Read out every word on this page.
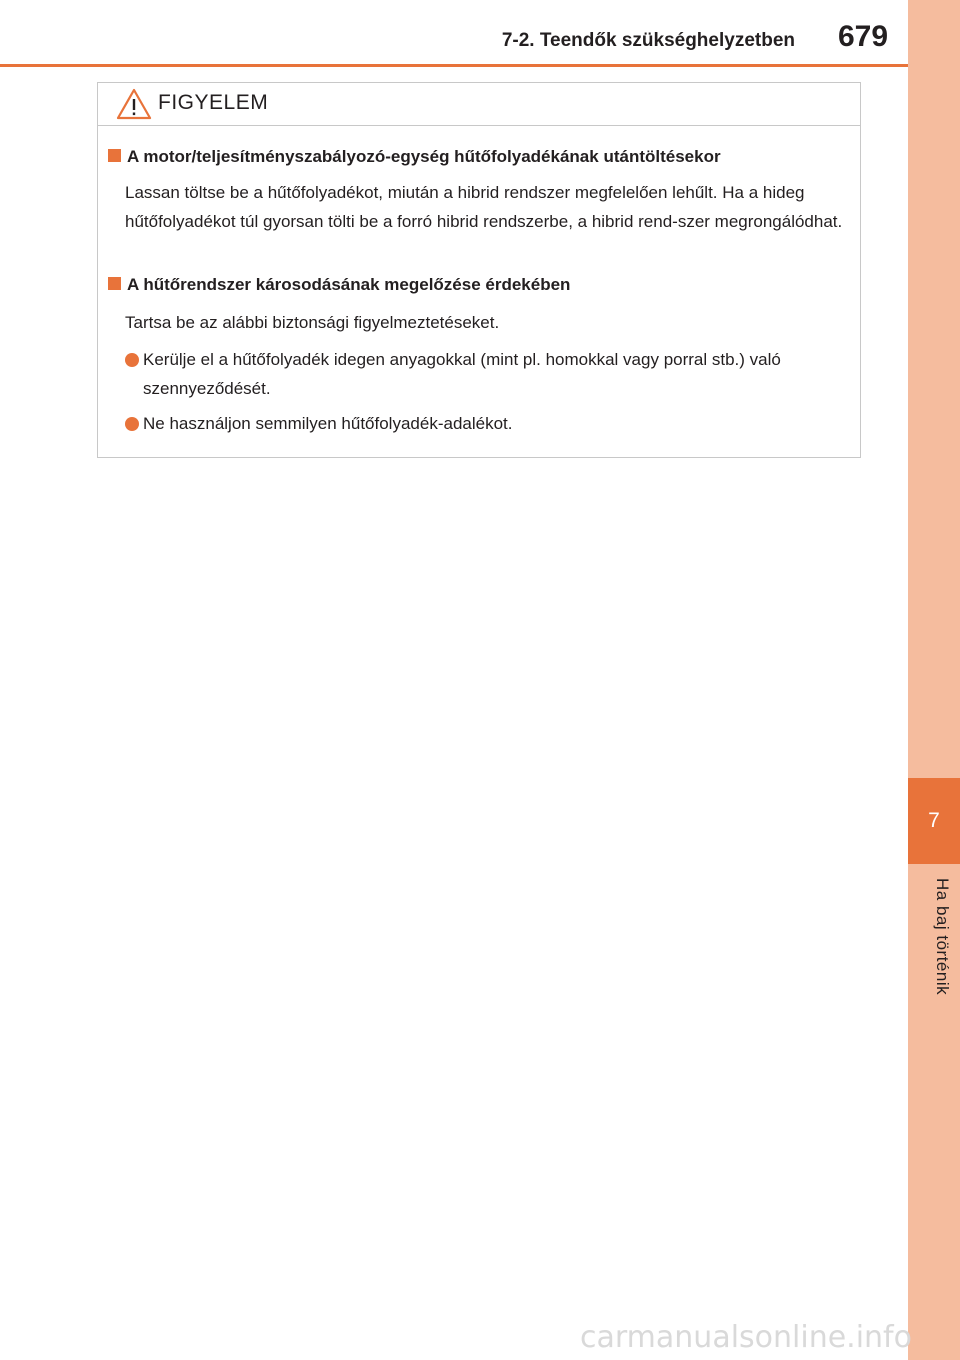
7
Ha baj történik
7-2. Teendők szükséghelyzetben 679
FIGYELEM
A motor/teljesítményszabályozó-egység hűtőfolyadékának utántöltésekor
Lassan töltse be a hűtőfolyadékot, miután a hibrid rendszer megfelelően lehűlt. Ha a hideg hűtőfolyadékot túl gyorsan tölti be a forró hibrid rendszerbe, a hibrid rend-szer megrongálódhat.
A hűtőrendszer károsodásának megelőzése érdekében
Tartsa be az alábbi biztonsági figyelmeztetéseket.
Kerülje el a hűtőfolyadék idegen anyagokkal (mint pl. homokkal vagy porral stb.) való szennyeződését.
Ne használjon semmilyen hűtőfolyadék-adalékot.
carmanualsonline.info
